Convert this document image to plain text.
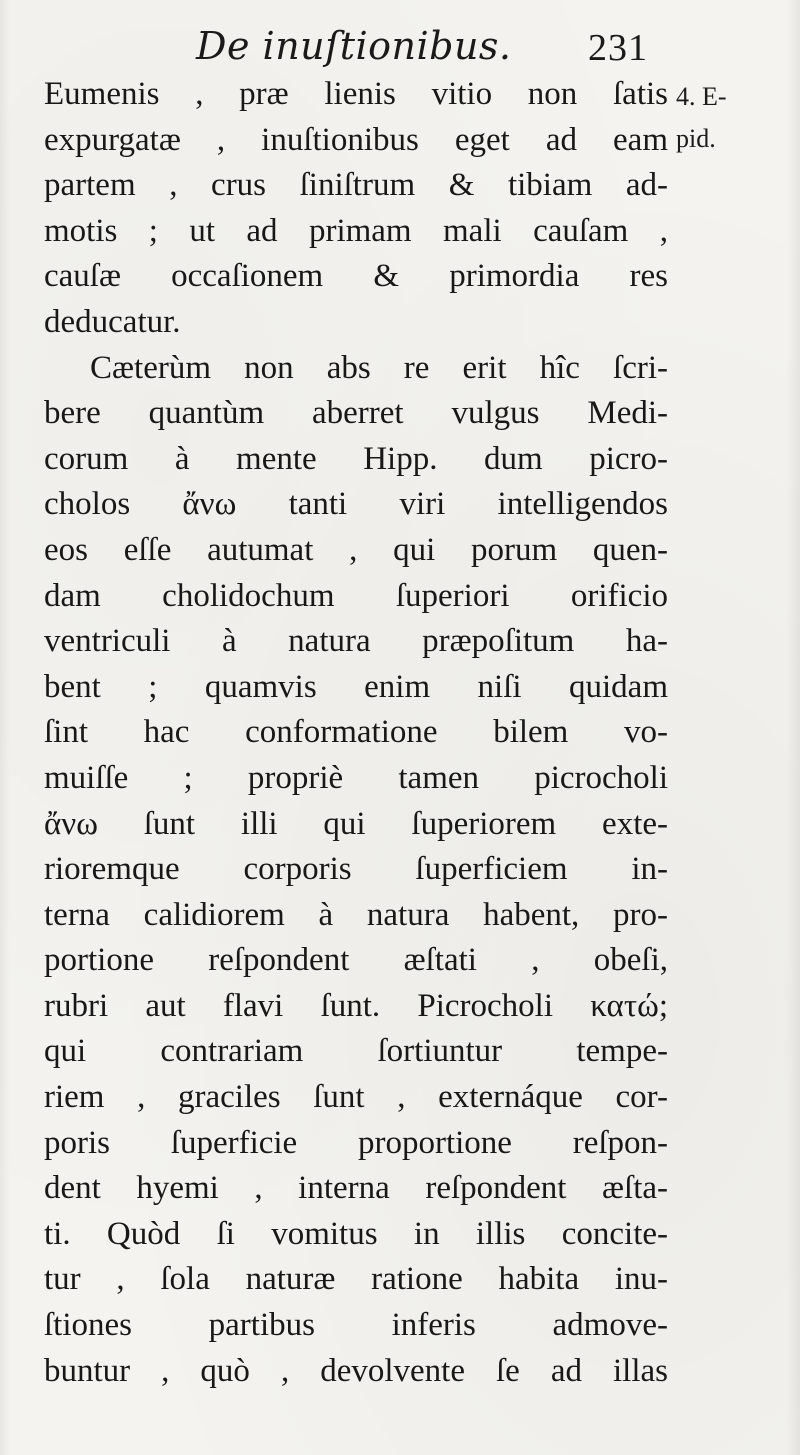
De inuſtionibus. 231
4. E-
pid.
Eumenis , præ lienis vitio non ſatis
expurgatæ , inuſtionibus eget ad eam
partem , crus ſiniſtrum & tibiam ad-
motis ; ut ad primam mali cauſam ,
cauſæ occaſionem & primordia res
deducatur.
Cæterùm non abs re erit hîc ſcri-
bere quantùm aberret vulgus Medi-
corum à mente Hipp. dum picro-
cholos ἄνω tanti viri intelligendos
eos eſſe autumat , qui porum quen-
dam cholidochum ſuperiori orificio
ventriculi à natura præpoſitum ha-
bent ; quamvis enim niſi quidam
ſint hac conformatione bilem vo-
muiſſe ; propriè tamen picrocholi
ἄνω ſunt illi qui ſuperiorem exte-
rioremque corporis ſuperficiem in-
terna calidiorem à natura habent, pro-
portione reſpondent æſtati , obeſi,
rubri aut flavi ſunt. Picrocholi κατώ;
qui contrariam ſortiuntur tempe-
riem , graciles ſunt , externáque cor-
poris ſuperficie proportione reſpon-
dent hyemi , interna reſpondent æſta-
ti. Quòd ſi vomitus in illis concite-
tur , ſola naturæ ratione habita inu-
ſtiones partibus inferis admove-
buntur , quò , devolvente ſe ad illas
